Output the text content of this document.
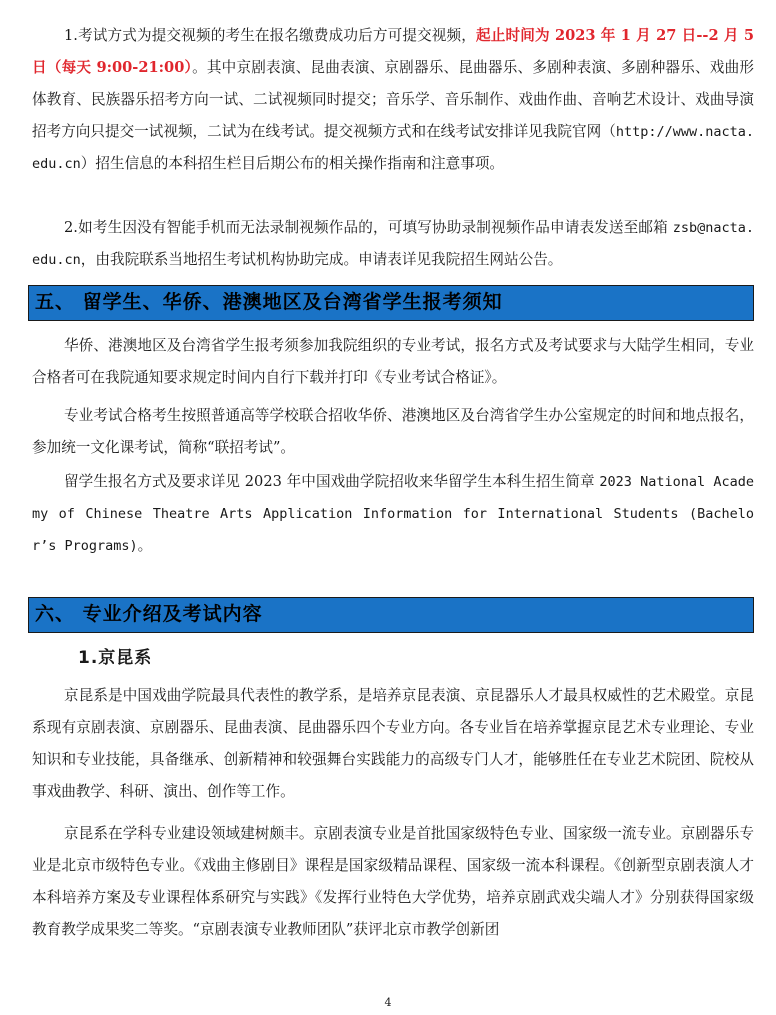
1.考试方式为提交视频的考生在报名缴费成功后方可提交视频，起止时间为 2023 年 1 月 27 日--2 月 5 日（每天 9:00-21:00）。其中京剧表演、昆曲表演、京剧器乐、昆曲器乐、多剧种表演、多剧种器乐、戏曲形体教育、民族器乐招考方向一试、二试视频同时提交；音乐学、音乐制作、戏曲作曲、音响艺术设计、戏曲导演招考方向只提交一试视频，二试为在线考试。提交视频方式和在线考试安排详见我院官网（http://www.nacta.edu.cn）招生信息的本科招生栏目后期公布的相关操作指南和注意事项。

2.如考生因没有智能手机而无法录制视频作品的，可填写协助录制视频作品申请表发送至邮箱 zsb@nacta.edu.cn，由我院联系当地招生考试机构协助完成。申请表详见我院招生网站公告。

五、 留学生、华侨、港澳地区及台湾省学生报考须知

华侨、港澳地区及台湾省学生报考须参加我院组织的专业考试，报名方式及考试要求与大陆学生相同，专业合格者可在我院通知要求规定时间内自行下载并打印《专业考试合格证》。

专业考试合格考生按照普通高等学校联合招收华侨、港澳地区及台湾省学生办公室规定的时间和地点报名，参加统一文化课考试，简称“联招考试”。

留学生报名方式及要求详见 2023 年中国戏曲学院招收来华留学生本科生招生简章 2023 National Academy of Chinese Theatre Arts Application Information for International Students (Bachelor’s Programs)。

六、 专业介绍及考试内容
1.京昆系

京昆系是中国戏曲学院最具代表性的教学系，是培养京昆表演、京昆器乐人才最具权威性的艺术殿堂。京昆系现有京剧表演、京剧器乐、昆曲表演、昆曲器乐四个专业方向。各专业旨在培养掌握京昆艺术专业理论、专业知识和专业技能，具备继承、创新精神和较强舞台实践能力的高级专门人才，能够胜任在专业艺术院团、院校从事戏曲教学、科研、演出、创作等工作。

京昆系在学科专业建设领域建树颇丰。京剧表演专业是首批国家级特色专业、国家级一流专业。京剧器乐专业是北京市级特色专业。《戏曲主修剧目》课程是国家级精品课程、国家级一流本科课程。《创新型京剧表演人才本科培养方案及专业课程体系研究与实践》《发挥行业特色大学优势，培养京剧武戏尖端人才》分别获得国家级教育教学成果奖二等奖。“京剧表演专业教师团队”获评北京市教学创新团

4
